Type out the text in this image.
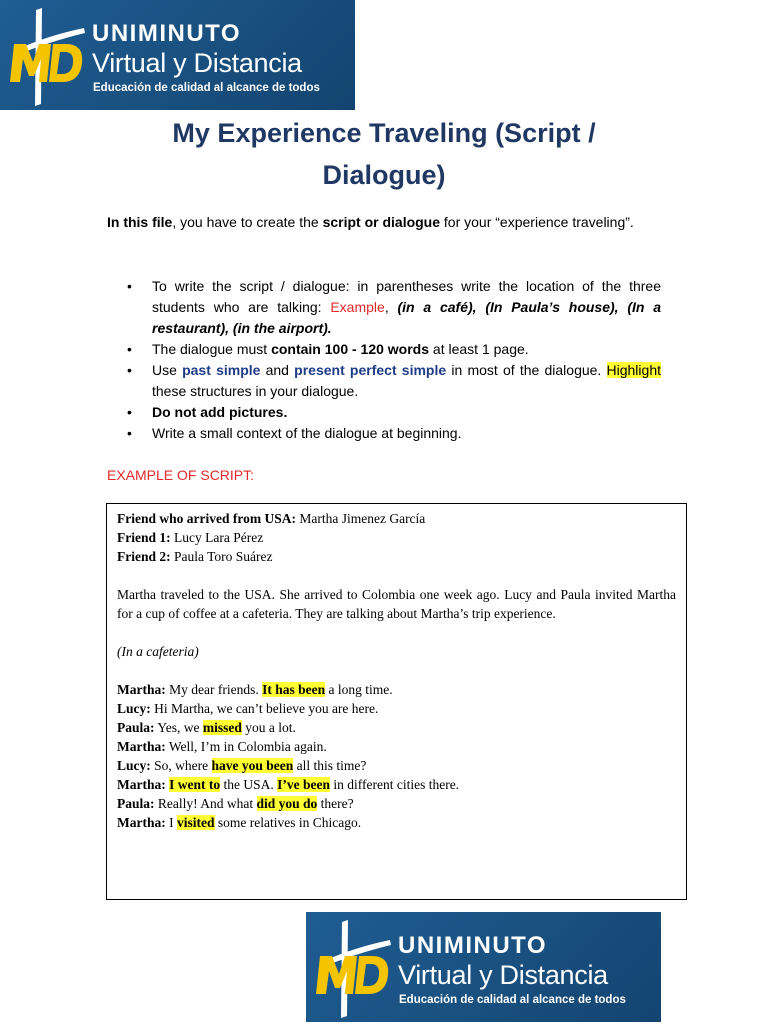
UNIMINUTO
Virtual y Distancia
Educación de calidad al alcance de todos
My Experience Traveling (Script /
Dialogue)

In this file, you have to create the script or dialogue for your “experience traveling”.

• To write the script / dialogue: in parentheses write the location of the three students who are talking: Example, (in a café), (In Paula’s house), (In a restaurant), (in the airport).
• The dialogue must contain 100 - 120 words at least 1 page.
• Use past simple and present perfect simple in most of the dialogue. Highlight these structures in your dialogue.
• Do not add pictures.
• Write a small context of the dialogue at beginning.
EXAMPLE OF SCRIPT:
Friend who arrived from USA: Martha Jimenez García
Friend 1: Lucy Lara Pérez
Friend 2: Paula Toro Suárez

Martha traveled to the USA. She arrived to Colombia one week ago. Lucy and Paula invited Martha for a cup of coffee at a cafeteria. They are talking about Martha’s trip experience.

(In a cafeteria)

Martha: My dear friends. It has been a long time.
Lucy: Hi Martha, we can’t believe you are here.
Paula: Yes, we missed you a lot.
Martha: Well, I’m in Colombia again.
Lucy: So, where have you been all this time?
Martha: I went to the USA. I’ve been in different cities there.
Paula: Really! And what did you do there?
Martha: I visited some relatives in Chicago.
UNIMINUTO
Virtual y Distancia
Educación de calidad al alcance de todos
